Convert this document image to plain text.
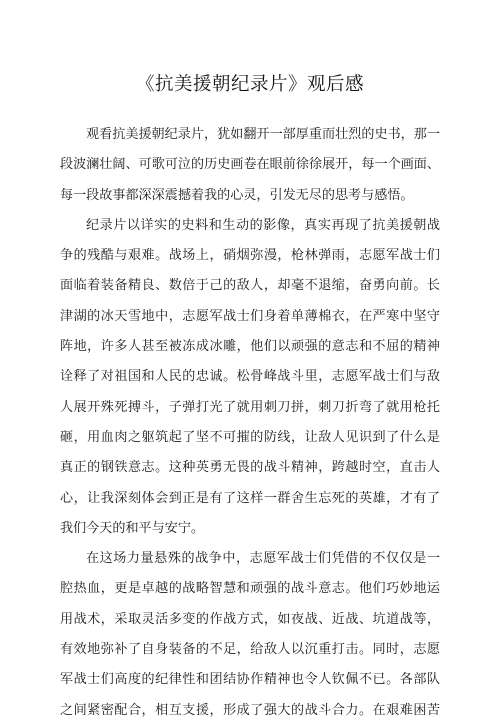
《抗美援朝纪录片》观后感
观看抗美援朝纪录片，犹如翻开一部厚重而壮烈的史书，那一
段波澜壮阔、可歌可泣的历史画卷在眼前徐徐展开，每一个画面、
每一段故事都深深震撼着我的心灵，引发无尽的思考与感悟。
纪录片以详实的史料和生动的影像，真实再现了抗美援朝战
争的残酷与艰难。战场上，硝烟弥漫，枪林弹雨，志愿军战士们
面临着装备精良、数倍于己的敌人，却毫不退缩，奋勇向前。长
津湖的冰天雪地中，志愿军战士们身着单薄棉衣，在严寒中坚守
阵地，许多人甚至被冻成冰雕，他们以顽强的意志和不屈的精神
诠释了对祖国和人民的忠诚。松骨峰战斗里，志愿军战士们与敌
人展开殊死搏斗，子弹打光了就用刺刀拼，刺刀折弯了就用枪托
砸，用血肉之躯筑起了坚不可摧的防线，让敌人见识到了什么是
真正的钢铁意志。这种英勇无畏的战斗精神，跨越时空，直击人
心，让我深刻体会到正是有了这样一群舍生忘死的英雄，才有了
我们今天的和平与安宁。
在这场力量悬殊的战争中，志愿军战士们凭借的不仅仅是一
腔热血，更是卓越的战略智慧和顽强的战斗意志。他们巧妙地运
用战术，采取灵活多变的作战方式，如夜战、近战、坑道战等，
有效地弥补了自身装备的不足，给敌人以沉重打击。同时，志愿
军战士们高度的纪律性和团结协作精神也令人钦佩不已。各部队
之间紧密配合，相互支援，形成了强大的战斗合力。在艰难困苦
